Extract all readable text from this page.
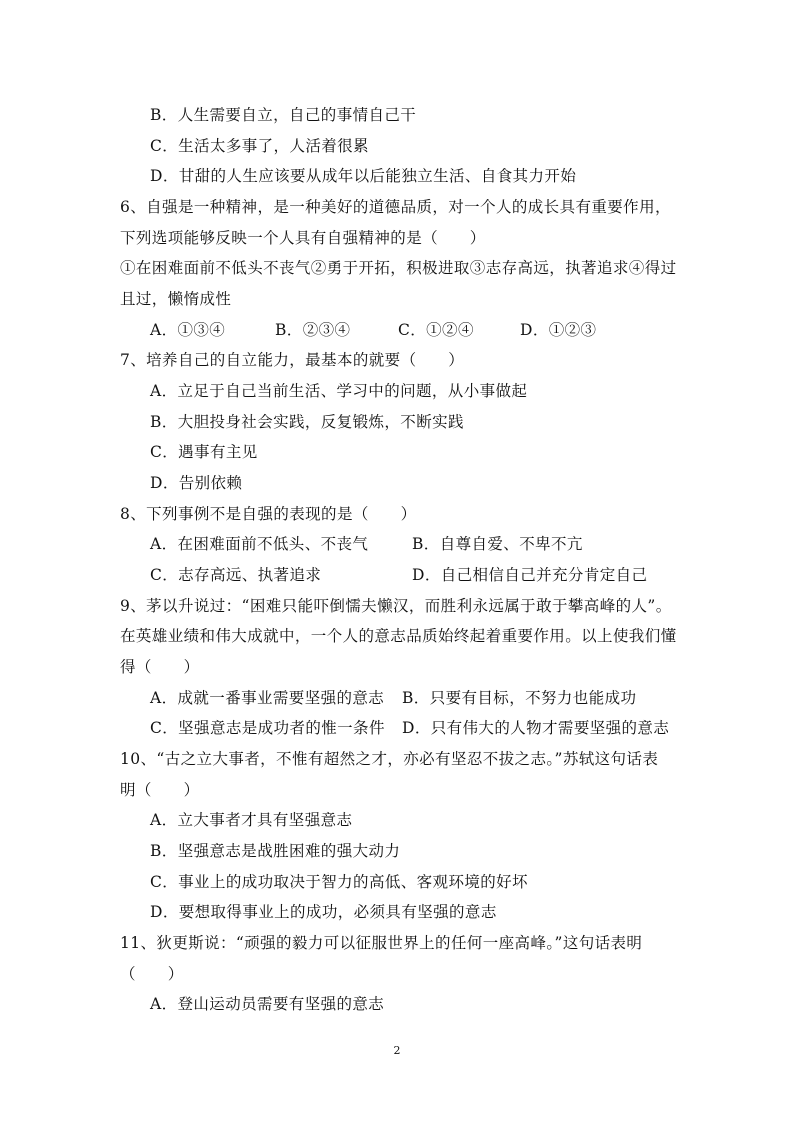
B．人生需要自立，自己的事情自己干
C．生活太多事了，人活着很累
D．甘甜的人生应该要从成年以后能独立生活、自食其力开始
6、自强是一种精神，是一种美好的道德品质，对一个人的成长具有重要作用，
下列选项能够反映一个人具有自强精神的是（　　）
①在困难面前不低头不丧气②勇于开拓，积极进取③志存高远，执著追求④得过
且过，懒惰成性
A．①③④	B．②③④	C．①②④	D．①②③
7、培养自己的自立能力，最基本的就要（　　）
A．立足于自己当前生活、学习中的问题，从小事做起
B．大胆投身社会实践，反复锻炼，不断实践
C．遇事有主见
D．告别依赖
8、下列事例不是自强的表现的是（　　）
A．在困难面前不低头、不丧气	B．自尊自爱、不卑不亢
C．志存高远、执著追求	D．自己相信自己并充分肯定自己
9、茅以升说过：“困难只能吓倒懦夫懒汉，而胜利永远属于敢于攀高峰的人”。
在英雄业绩和伟大成就中，一个人的意志品质始终起着重要作用。以上使我们懂
得（　　）
A．成就一番事业需要坚强的意志 B．只要有目标，不努力也能成功
C．坚强意志是成功者的惟一条件 D．只有伟大的人物才需要坚强的意志
10、“古之立大事者，不惟有超然之才，亦必有坚忍不拔之志。”苏轼这句话表
明（　　）
A．立大事者才具有坚强意志
B．坚强意志是战胜困难的强大动力
C．事业上的成功取决于智力的高低、客观环境的好坏
D．要想取得事业上的成功，必须具有坚强的意志
11、狄更斯说：“顽强的毅力可以征服世界上的任何一座高峰。”这句话表明
（　　）
A．登山运动员需要有坚强的意志
2
